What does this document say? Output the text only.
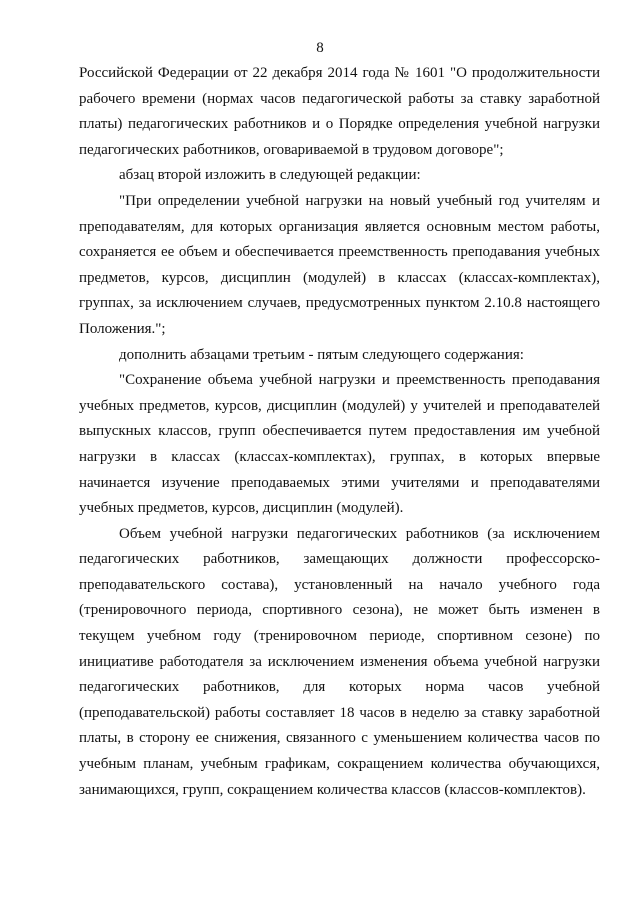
8

Российской Федерации от 22 декабря 2014 года № 1601 "О продолжительности рабочего времени (нормах часов педагогической работы за ставку заработной платы) педагогических работников и о Порядке определения учебной нагрузки педагогических работников, оговариваемой в трудовом договоре";

абзац второй изложить в следующей редакции:

"При определении учебной нагрузки на новый учебный год учителям и преподавателям, для которых организация является основным местом работы, сохраняется ее объем и обеспечивается преемственность преподавания учебных предметов, курсов, дисциплин (модулей) в классах (классах-комплектах), группах, за исключением случаев, предусмотренных пунктом 2.10.8 настоящего Положения.";

дополнить абзацами третьим - пятым следующего содержания:

"Сохранение объема учебной нагрузки и преемственность преподавания учебных предметов, курсов, дисциплин (модулей) у учителей и преподавателей выпускных классов, групп обеспечивается путем предоставления им учебной нагрузки в классах (классах-комплектах), группах, в которых впервые начинается изучение преподаваемых этими учителями и преподавателями учебных предметов, курсов, дисциплин (модулей).

Объем учебной нагрузки педагогических работников (за исключением педагогических работников, замещающих должности профессорско-преподавательского состава), установленный на начало учебного года (тренировочного периода, спортивного сезона), не может быть изменен в текущем учебном году (тренировочном периоде, спортивном сезоне) по инициативе работодателя за исключением изменения объема учебной нагрузки педагогических работников, для которых норма часов учебной (преподавательской) работы составляет 18 часов в неделю за ставку заработной платы, в сторону ее снижения, связанного с уменьшением количества часов по учебным планам, учебным графикам, сокращением количества обучающихся, занимающихся, групп, сокращением количества классов (классов-комплектов).
